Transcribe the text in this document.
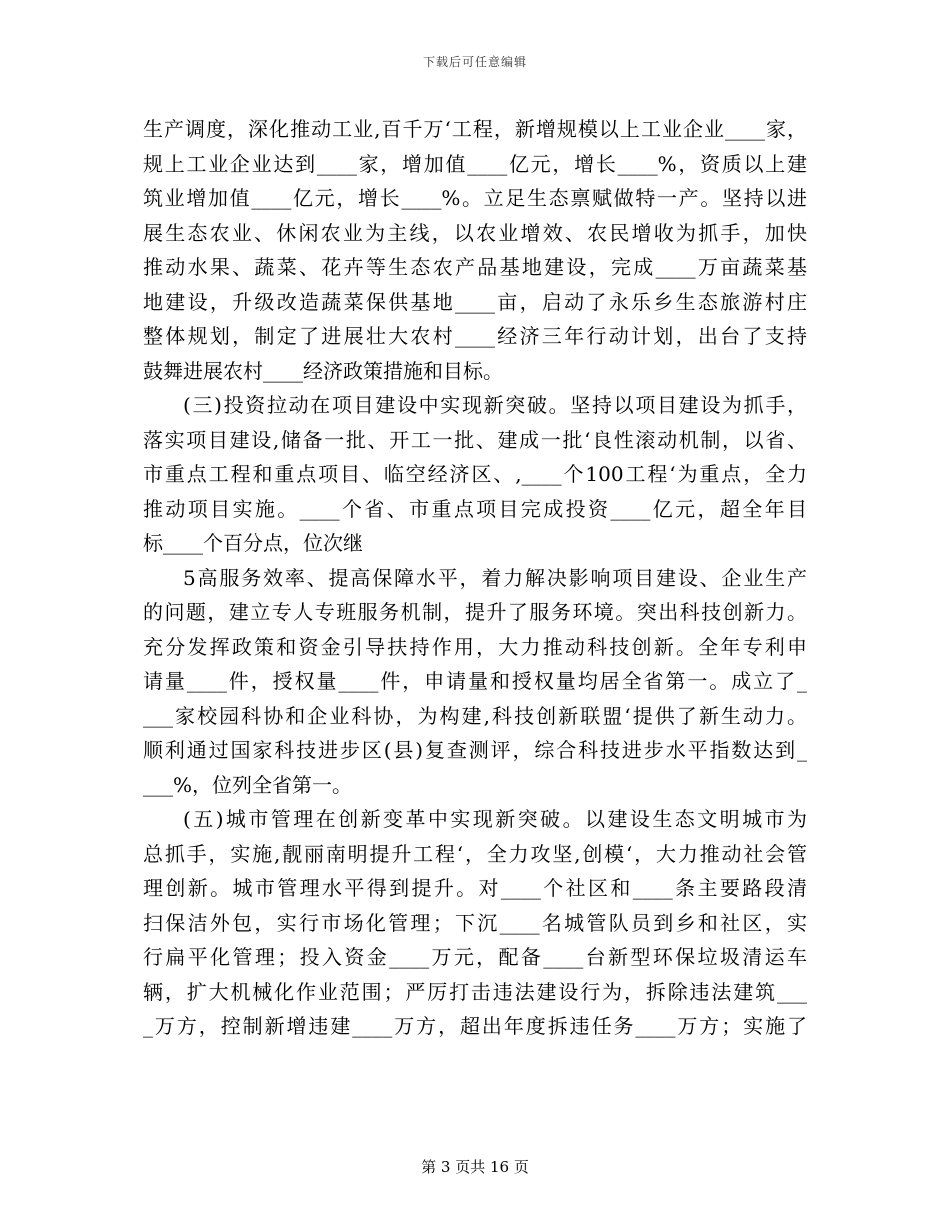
下载后可任意编辑
生产调度，深化推动工业,百千万‘工程，新增规模以上工业企业____家，
规上工业企业达到____家，增加值____亿元，增长____%，资质以上建
筑业增加值____亿元，增长____%。立足生态禀赋做特一产。坚持以进
展生态农业、休闲农业为主线，以农业增效、农民增收为抓手，加快
推动水果、蔬菜、花卉等生态农产品基地建设，完成____万亩蔬菜基
地建设，升级改造蔬菜保供基地____亩，启动了永乐乡生态旅游村庄
整体规划，制定了进展壮大农村____经济三年行动计划，出台了支持
鼓舞进展农村____经济政策措施和目标。
(三)投资拉动在项目建设中实现新突破。坚持以项目建设为抓手，
落实项目建设,储备一批、开工一批、建成一批‘良性滚动机制，以省、
市重点工程和重点项目、临空经济区、,____个100工程‘为重点，全力
推动项目实施。____个省、市重点项目完成投资____亿元，超全年目
标____个百分点，位次继
5高服务效率、提高保障水平，着力解决影响项目建设、企业生产
的问题，建立专人专班服务机制，提升了服务环境。突出科技创新力。
充分发挥政策和资金引导扶持作用，大力推动科技创新。全年专利申
请量____件，授权量____件，申请量和授权量均居全省第一。成立了_
___家校园科协和企业科协，为构建,科技创新联盟‘提供了新生动力。
顺利通过国家科技进步区(县)复查测评，综合科技进步水平指数达到_
___%，位列全省第一。
(五)城市管理在创新变革中实现新突破。以建设生态文明城市为
总抓手，实施,靓丽南明提升工程‘，全力攻坚,创模‘，大力推动社会管
理创新。城市管理水平得到提升。对____个社区和____条主要路段清
扫保洁外包，实行市场化管理；下沉____名城管队员到乡和社区，实
行扁平化管理；投入资金____万元，配备____台新型环保垃圾清运车
辆，扩大机械化作业范围；严厉打击违法建设行为，拆除违法建筑___
_万方，控制新增违建____万方，超出年度拆违任务____万方；实施了
第 3 页共 16 页
